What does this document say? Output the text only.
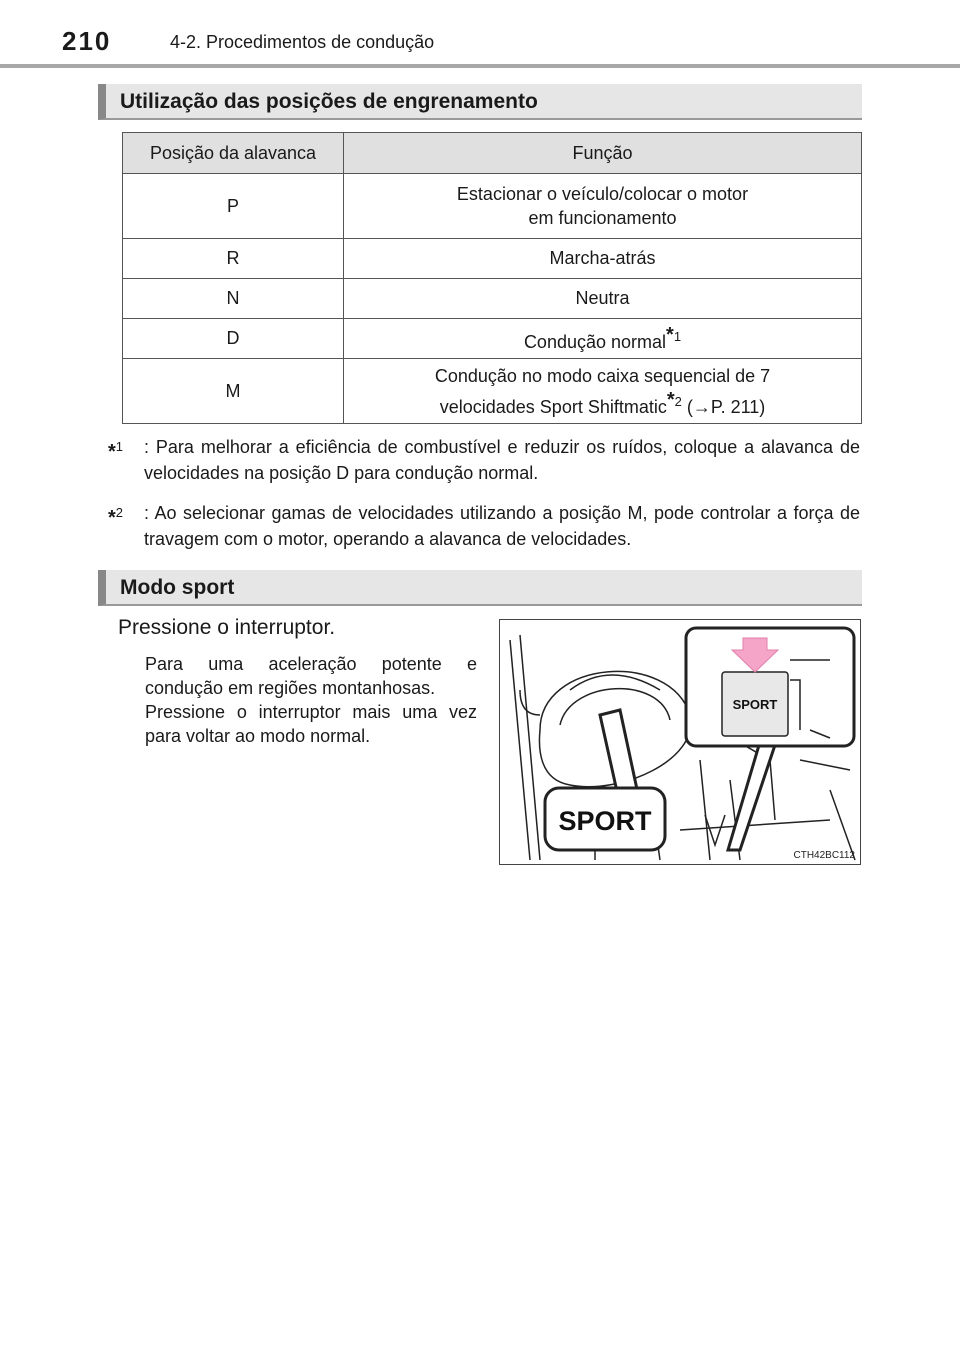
210	4-2. Procedimentos de condução
Utilização das posições de engrenamento
Posição da alavanca	Função
P	Estacionar o veículo/colocar o motor
em funcionamento

R	Marcha-atrás
N	Neutra
D	Condução normal$^{*1}$
M	Condução no modo caixa sequencial de 7
velocidades Sport Shiftmatic$^{*2}$ (→P. 211)
*$^1$	: Para melhorar a eficiência de combustível e reduzir os ruídos, coloque a alavanca de velocidades na posição D para condução normal.
*$^2$	: Ao selecionar gamas de velocidades utilizando a posição M, pode controlar a força de travagem com o motor, operando a alavanca de velocidades.
Modo sport
Pressione o interruptor.

Para uma aceleração potente e condução em regiões montanhosas.

Pressione o interruptor mais uma vez para voltar ao modo normal.

SPORT
SPORT
CTH42BC112
